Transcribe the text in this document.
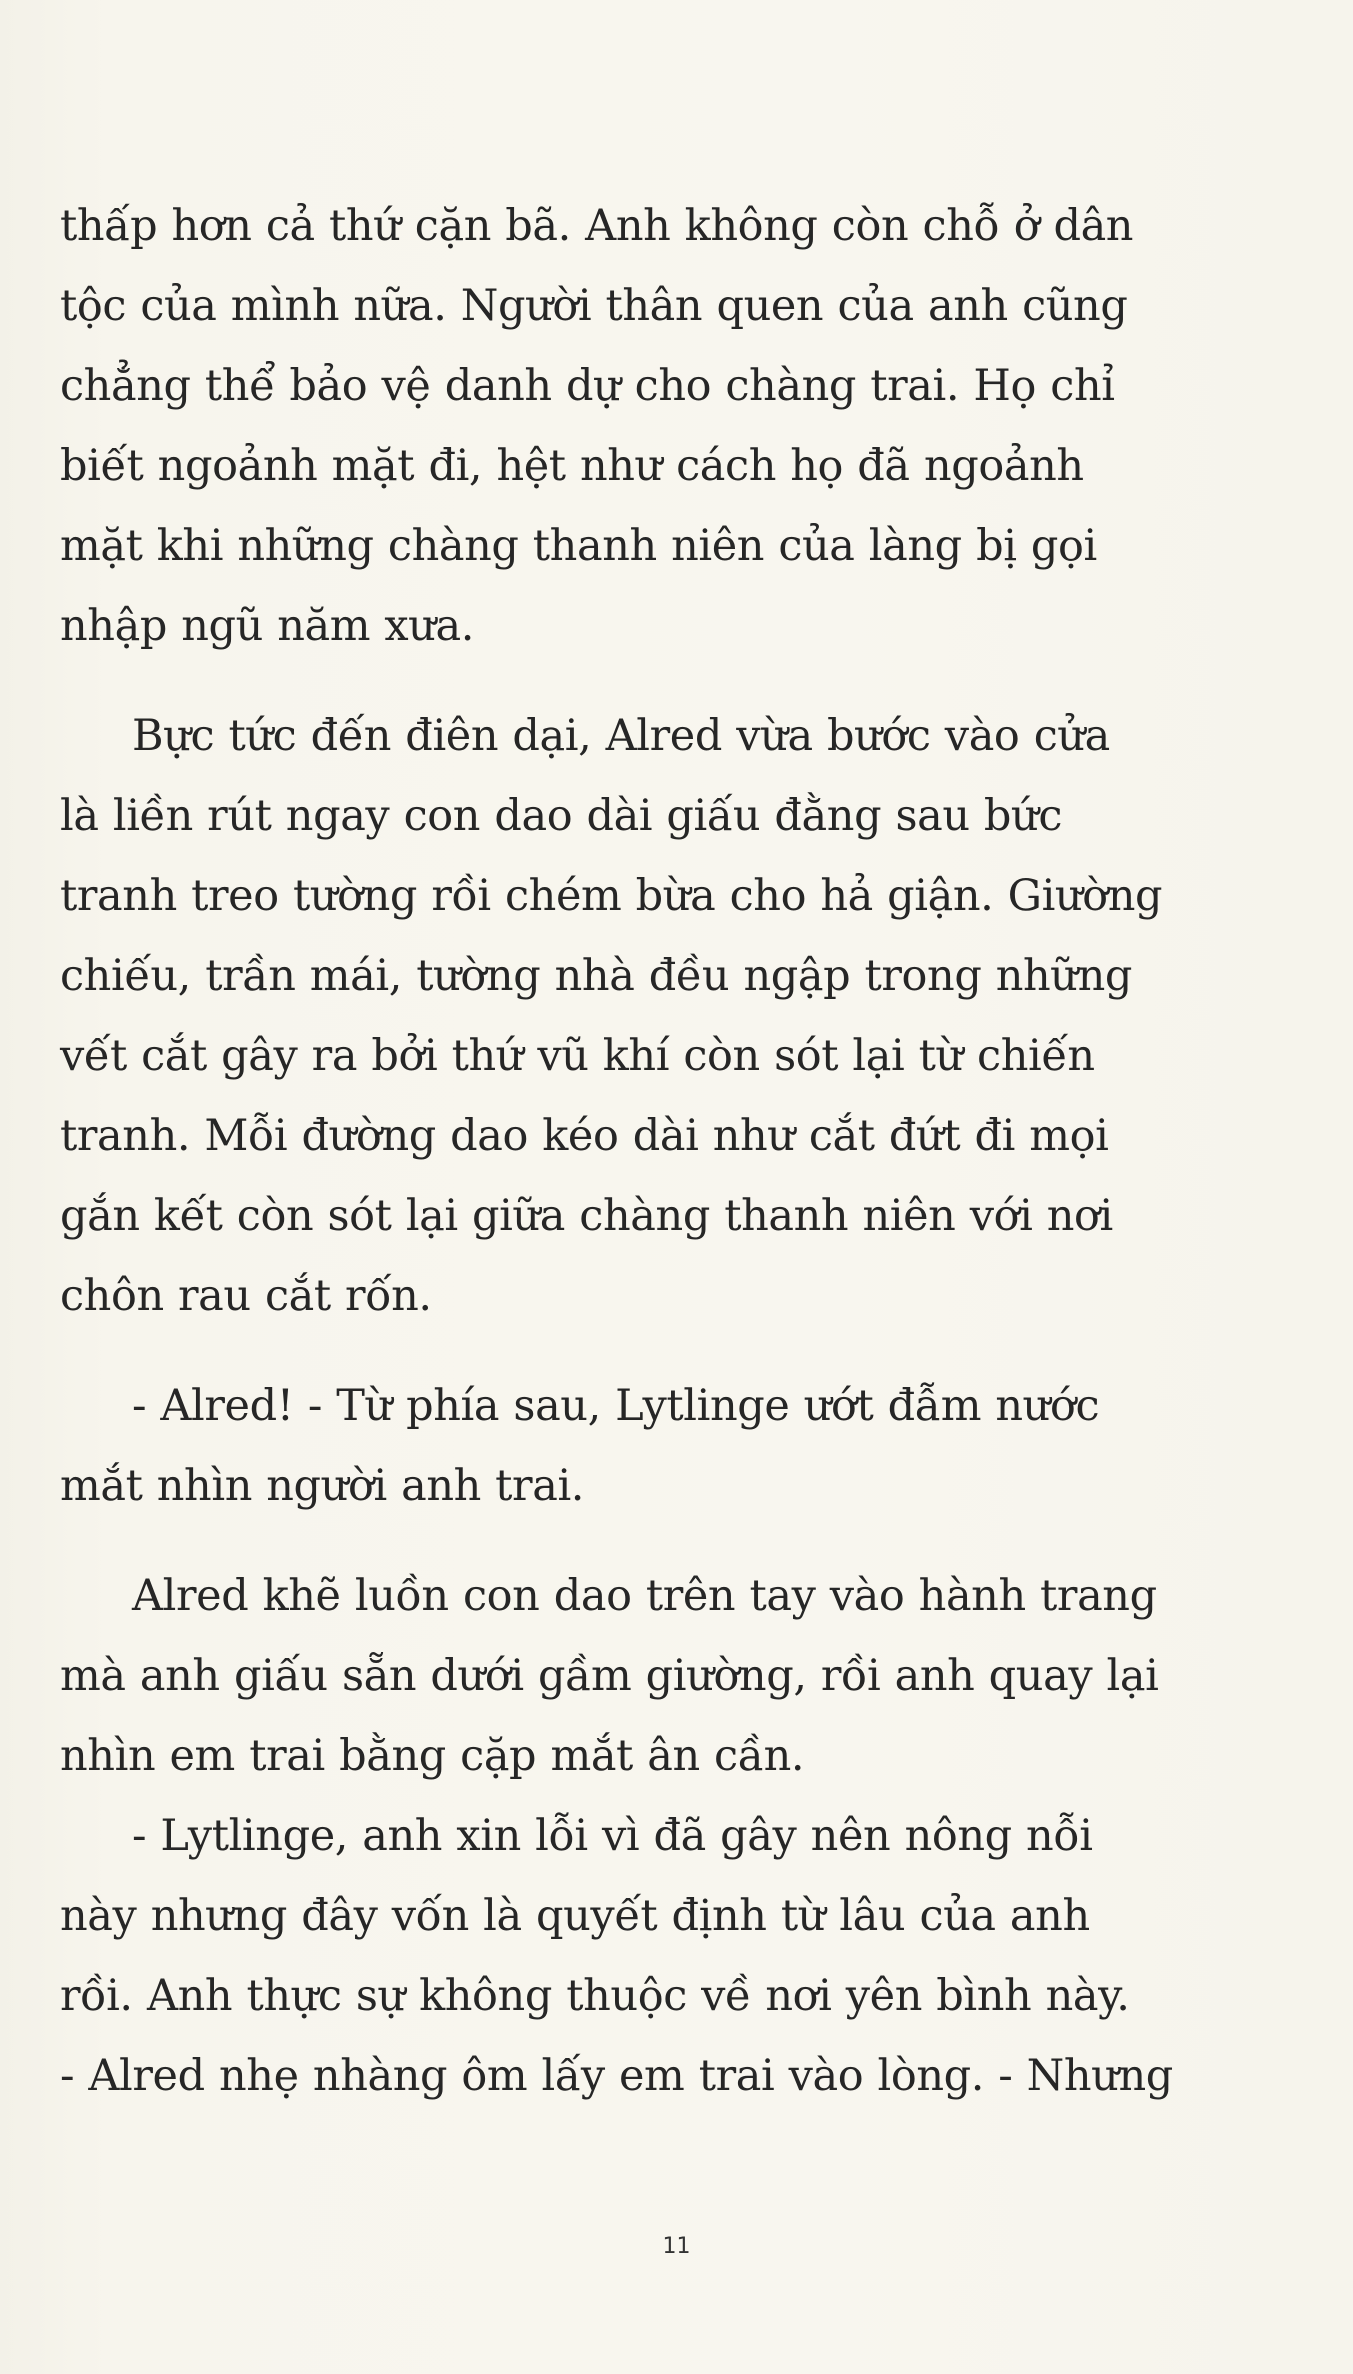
thấp hơn cả thứ cặn bã. Anh không còn chỗ ở dân
tộc của mình nữa. Người thân quen của anh cũng
chẳng thể bảo vệ danh dự cho chàng trai. Họ chỉ
biết ngoảnh mặt đi, hệt như cách họ đã ngoảnh
mặt khi những chàng thanh niên của làng bị gọi
nhập ngũ năm xưa.

Bực tức đến điên dại, Alred vừa bước vào cửa
là liền rút ngay con dao dài giấu đằng sau bức
tranh treo tường rồi chém bừa cho hả giận. Giường
chiếu, trần mái, tường nhà đều ngập trong những
vết cắt gây ra bởi thứ vũ khí còn sót lại từ chiến
tranh. Mỗi đường dao kéo dài như cắt đứt đi mọi
gắn kết còn sót lại giữa chàng thanh niên với nơi
chôn rau cắt rốn.

- Alred! - Từ phía sau, Lytlinge ướt đẫm nước
mắt nhìn người anh trai.

Alred khẽ luồn con dao trên tay vào hành trang
mà anh giấu sẵn dưới gầm giường, rồi anh quay lại
nhìn em trai bằng cặp mắt ân cần.

- Lytlinge, anh xin lỗi vì đã gây nên nông nỗi
này nhưng đây vốn là quyết định từ lâu của anh
rồi. Anh thực sự không thuộc về nơi yên bình này.
- Alred nhẹ nhàng ôm lấy em trai vào lòng. - Nhưng

11
